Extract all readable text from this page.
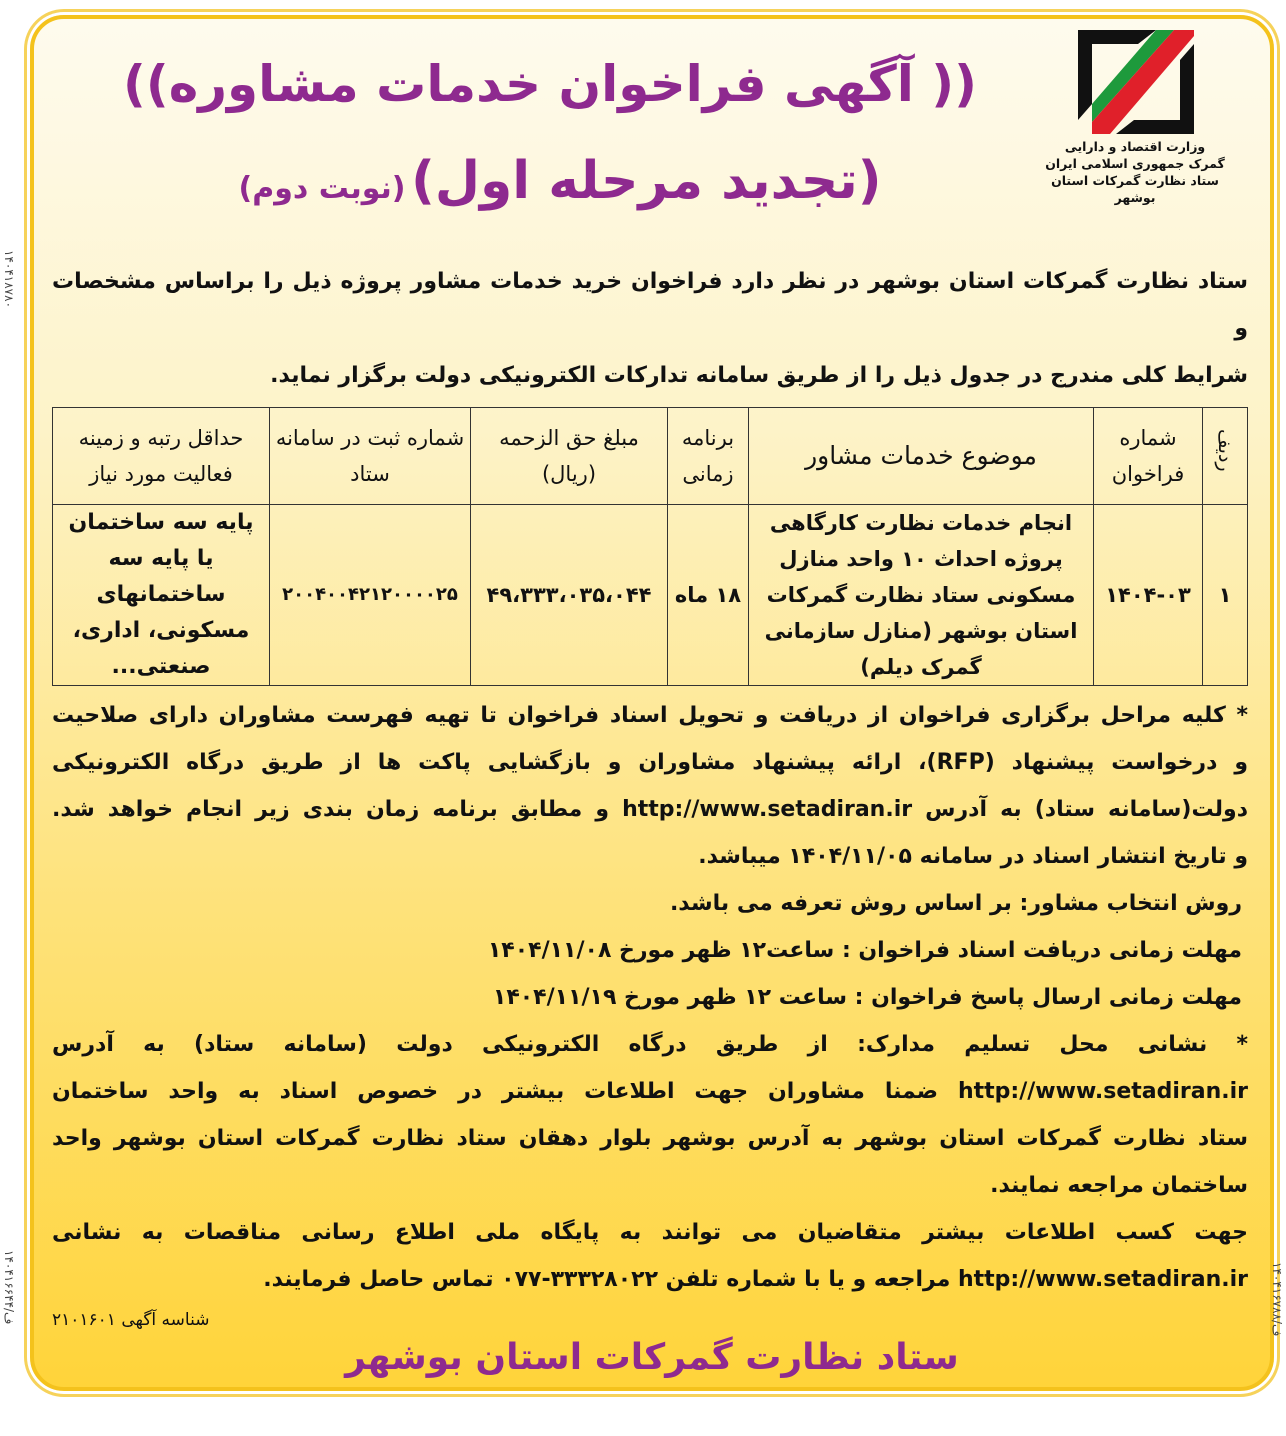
وزارت اقتصاد و دارایی
گمرک جمهوری اسلامی ایران
ستاد نظارت گمرکات استان بوشهر
(( آگهی فراخوان خدمات مشاوره))
(تجدید مرحله اول) (نوبت دوم)
ستاد نظارت گمرکات استان بوشهر در نظر دارد فراخوان خرید خدمات مشاور پروژه ذیل را براساس مشخصات و
شرایط کلی مندرج در جدول ذیل را از طریق سامانه تدارکات الکترونیکی دولت برگزار نماید.
ردیف	شماره فراخوان	موضوع خدمات مشاور	برنامه زمانی	مبلغ حق الزحمه (ریال)	شماره ثبت در سامانه ستاد	حداقل رتبه و زمینه فعالیت مورد نیاز
۱	۱۴۰۴-۰۳	انجام خدمات نظارت کارگاهی پروژه احداث ۱۰ واحد منازل مسکونی ستاد نظارت گمرکات استان بوشهر (منازل سازمانی گمرک دیلم)	۱۸ ماه	۴۹،۳۳۳،۰۳۵،۰۴۴	۲۰۰۴۰۰۴۲۱۲۰۰۰۰۲۵	پایه سه ساختمان یا پایه سه ساختمانهای مسکونی، اداری، صنعتی...
* کلیه مراحل برگزاری فراخوان از دریافت و تحویل اسناد فراخوان تا تهیه فهرست مشاوران دارای صلاحیت
و درخواست پیشنهاد (RFP)، ارائه پیشنهاد مشاوران و بازگشایی پاکت ها از طریق درگاه الکترونیکی
دولت(سامانه ستاد) به آدرس http://www.setadiran.ir و مطابق برنامه زمان بندی زیر انجام خواهد شد.
و تاریخ انتشار اسناد در سامانه ۱۴۰۴/۱۱/۰۵ میباشد.
روش انتخاب مشاور: بر اساس روش تعرفه می باشد.
مهلت زمانی دریافت اسناد فراخوان : ساعت۱۲ ظهر مورخ ۱۴۰۴/۱۱/۰۸
مهلت زمانی ارسال پاسخ فراخوان : ساعت ۱۲ ظهر مورخ ۱۴۰۴/۱۱/۱۹
* نشانی محل تسلیم مدارک: از طریق درگاه الکترونیکی دولت (سامانه ستاد) به آدرس
http://www.setadiran.ir ضمنا مشاوران جهت اطلاعات بیشتر در خصوص اسناد به واحد ساختمان
ستاد نظارت گمرکات استان بوشهر به آدرس بوشهر بلوار دهقان ستاد نظارت گمرکات استان بوشهر واحد
ساختمان مراجعه نمایند.
جهت کسب اطلاعات بیشتر متقاضیان می توانند به پایگاه ملی اطلاع رسانی مناقصات به نشانی
http://www.setadiran.ir مراجعه و یا با شماره تلفن ۳۳۳۲۸۰۲۲-۰۷۷ تماس حاصل فرمایند.
شناسه آگهی ۲۱۰۱۶۰۱
ستاد نظارت گمرکات استان بوشهر
۱۴۰۴۱۸۷۸۰
ف/۱۴۰۴۱۶۶۴۴	ف/۱۴۰۴۱۶۷۸۸
